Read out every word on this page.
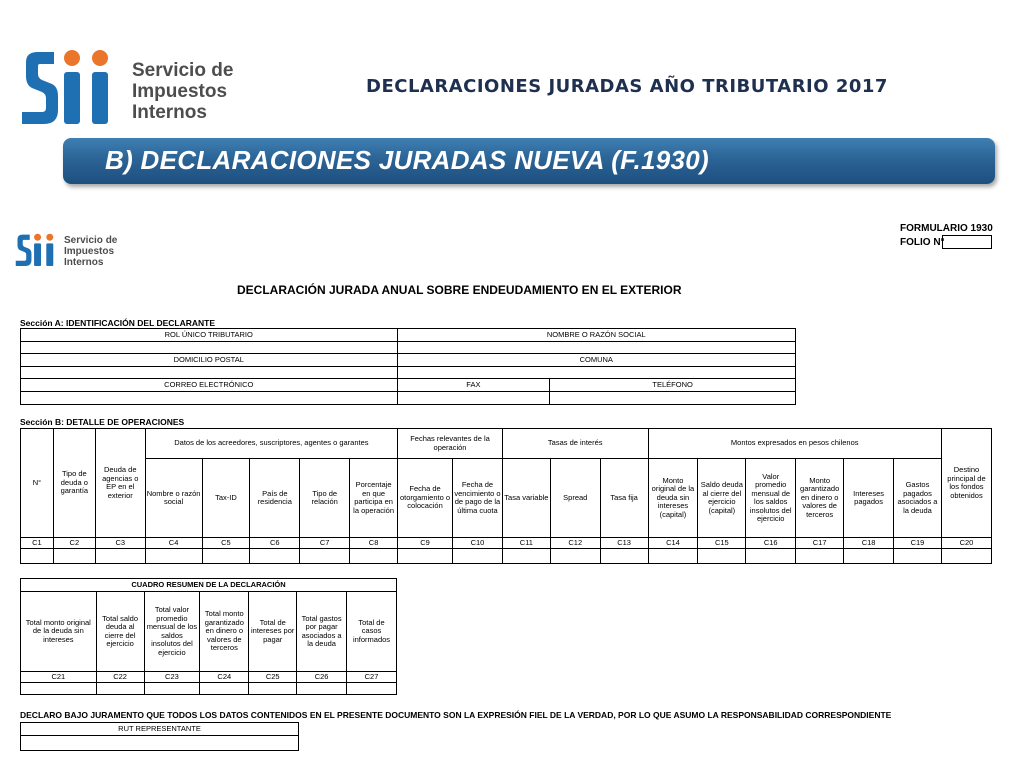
Servicio de
Impuestos
Internos
DECLARACIONES JURADAS AÑO TRIBUTARIO 2017
B) DECLARACIONES JURADAS NUEVA (F.1930)
Servicio de
Impuestos
Internos
FORMULARIO 1930
FOLIO N°
DECLARACIÓN JURADA ANUAL SOBRE ENDEUDAMIENTO EN EL EXTERIOR
Sección A: IDENTIFICACIÓN DEL DECLARANTE
ROL ÚNICO TRIBUTARIO	NOMBRE O RAZÓN SOCIAL	

DOMICILIO POSTAL	COMUNA	

CORREO ELECTRÓNICO	FAX	TELÉFONO

Sección B: DETALLE DE OPERACIONES
N°	Tipo de deuda o garantía	Deuda de agencias o EP en el exterior	Datos de los acreedores, suscriptores, agentes o garantes					Fechas relevantes de la operación		Tasas de interés			Montos expresados en pesos chilenos						Destino principal de los fondos obtenidos
			Nombre o razón social	Tax-ID	País de residencia	Tipo de relación	Porcentaje en que participa en la operación	Fecha de otorgamiento o colocación	Fecha de vencimiento o de pago de la última cuota	Tasa variable	Spread	Tasa fija	Monto original de la deuda sin intereses (capital)	Saldo deuda al cierre del ejercicio (capital)	Valor promedio mensual de los saldos insolutos del ejercicio	Monto garantizado en dinero o valores de terceros	Intereses pagados	Gastos pagados asociados a la deuda	
C1	C2	C3	C4	C5	C6	C7	C8	C9	C10	C11	C12	C13	C14	C15	C16	C17	C18	C19	C20

CUADRO RESUMEN DE LA DECLARACIÓN						
Total monto original de la deuda sin intereses	Total saldo deuda al cierre del ejercicio	Total valor promedio mensual de los saldos insolutos del ejercicio	Total monto garantizado en dinero o valores de terceros	Total de intereses por pagar	Total gastos por pagar asociados a la deuda	Total de casos informados
C21	C22	C23	C24	C25	C26	C27

DECLARO BAJO JURAMENTO QUE TODOS LOS DATOS CONTENIDOS EN EL PRESENTE DOCUMENTO SON LA EXPRESIÓN FIEL DE LA VERDAD, POR LO QUE ASUMO LA RESPONSABILIDAD CORRESPONDIENTE
RUT REPRESENTANTE
